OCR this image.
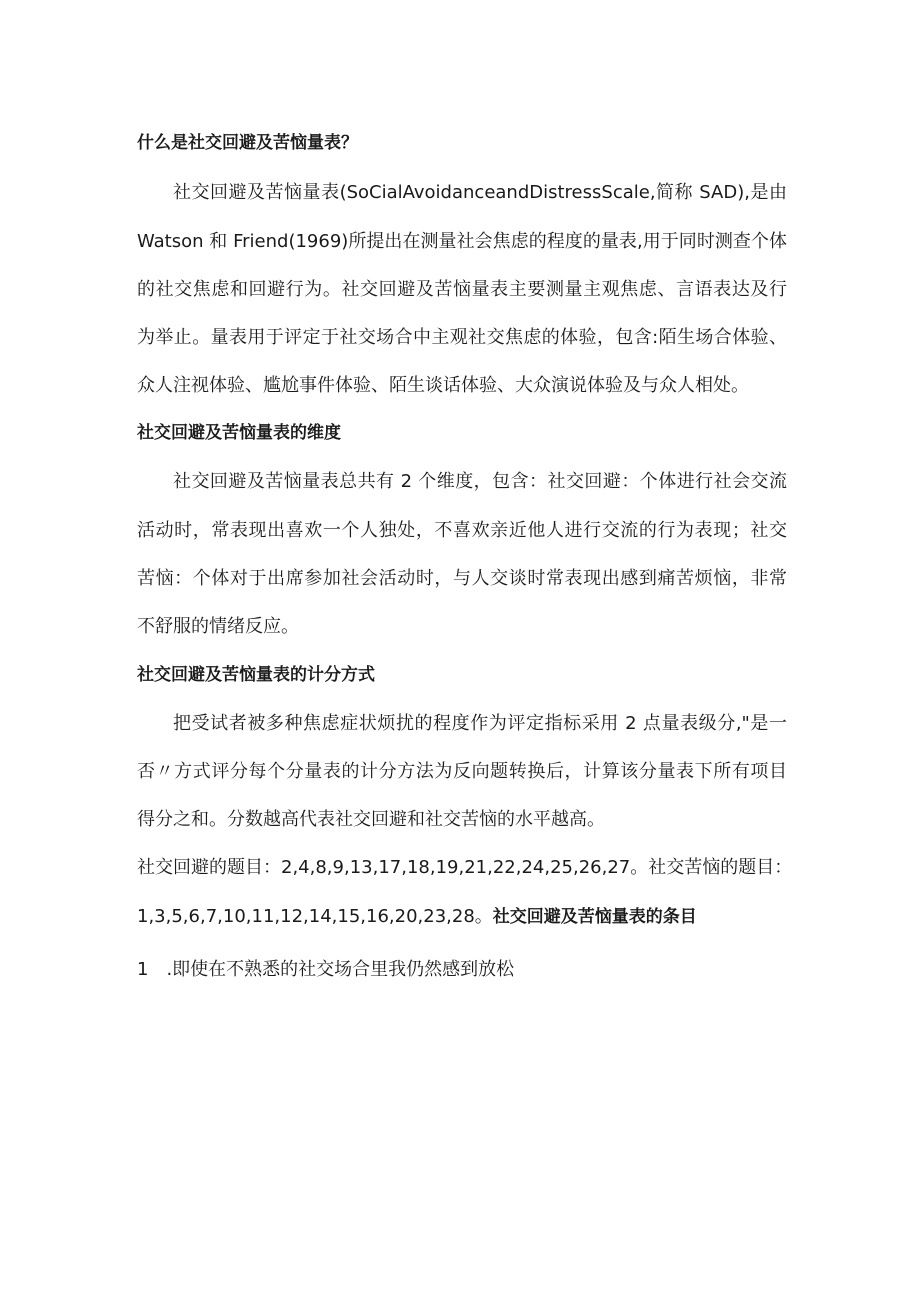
什么是社交回避及苦恼量表？
社交回避及苦恼量表(SoCialAvoidanceandDistressScale,简称 SAD),是由
Watson 和 Friend(1969)所提出在测量社会焦虑的程度的量表,用于同时测查个体
的社交焦虑和回避行为。社交回避及苦恼量表主要测量主观焦虑、言语表达及行
为举止。量表用于评定于社交场合中主观社交焦虑的体验，包含:陌生场合体验、
众人注视体验、尴尬事件体验、陌生谈话体验、大众演说体验及与众人相处。
社交回避及苦恼量表的维度
社交回避及苦恼量表总共有 2 个维度，包含：社交回避：个体进行社会交流
活动时，常表现出喜欢一个人独处，不喜欢亲近他人进行交流的行为表现；社交
苦恼：个体对于出席参加社会活动时，与人交谈时常表现出感到痛苦烦恼，非常
不舒服的情绪反应。
社交回避及苦恼量表的计分方式
把受试者被多种焦虑症状烦扰的程度作为评定指标采用 2 点量表级分,"是一
否〃方式评分每个分量表的计分方法为反向题转换后，计算该分量表下所有项目
得分之和。分数越高代表社交回避和社交苦恼的水平越高。
社交回避的题目：2,4,8,9,13,17,18,19,21,22,24,25,26,27。社交苦恼的题目：
1,3,5,6,7,10,11,12,14,15,16,20,23,28。社交回避及苦恼量表的条目
1　.即使在不熟悉的社交场合里我仍然感到放松
